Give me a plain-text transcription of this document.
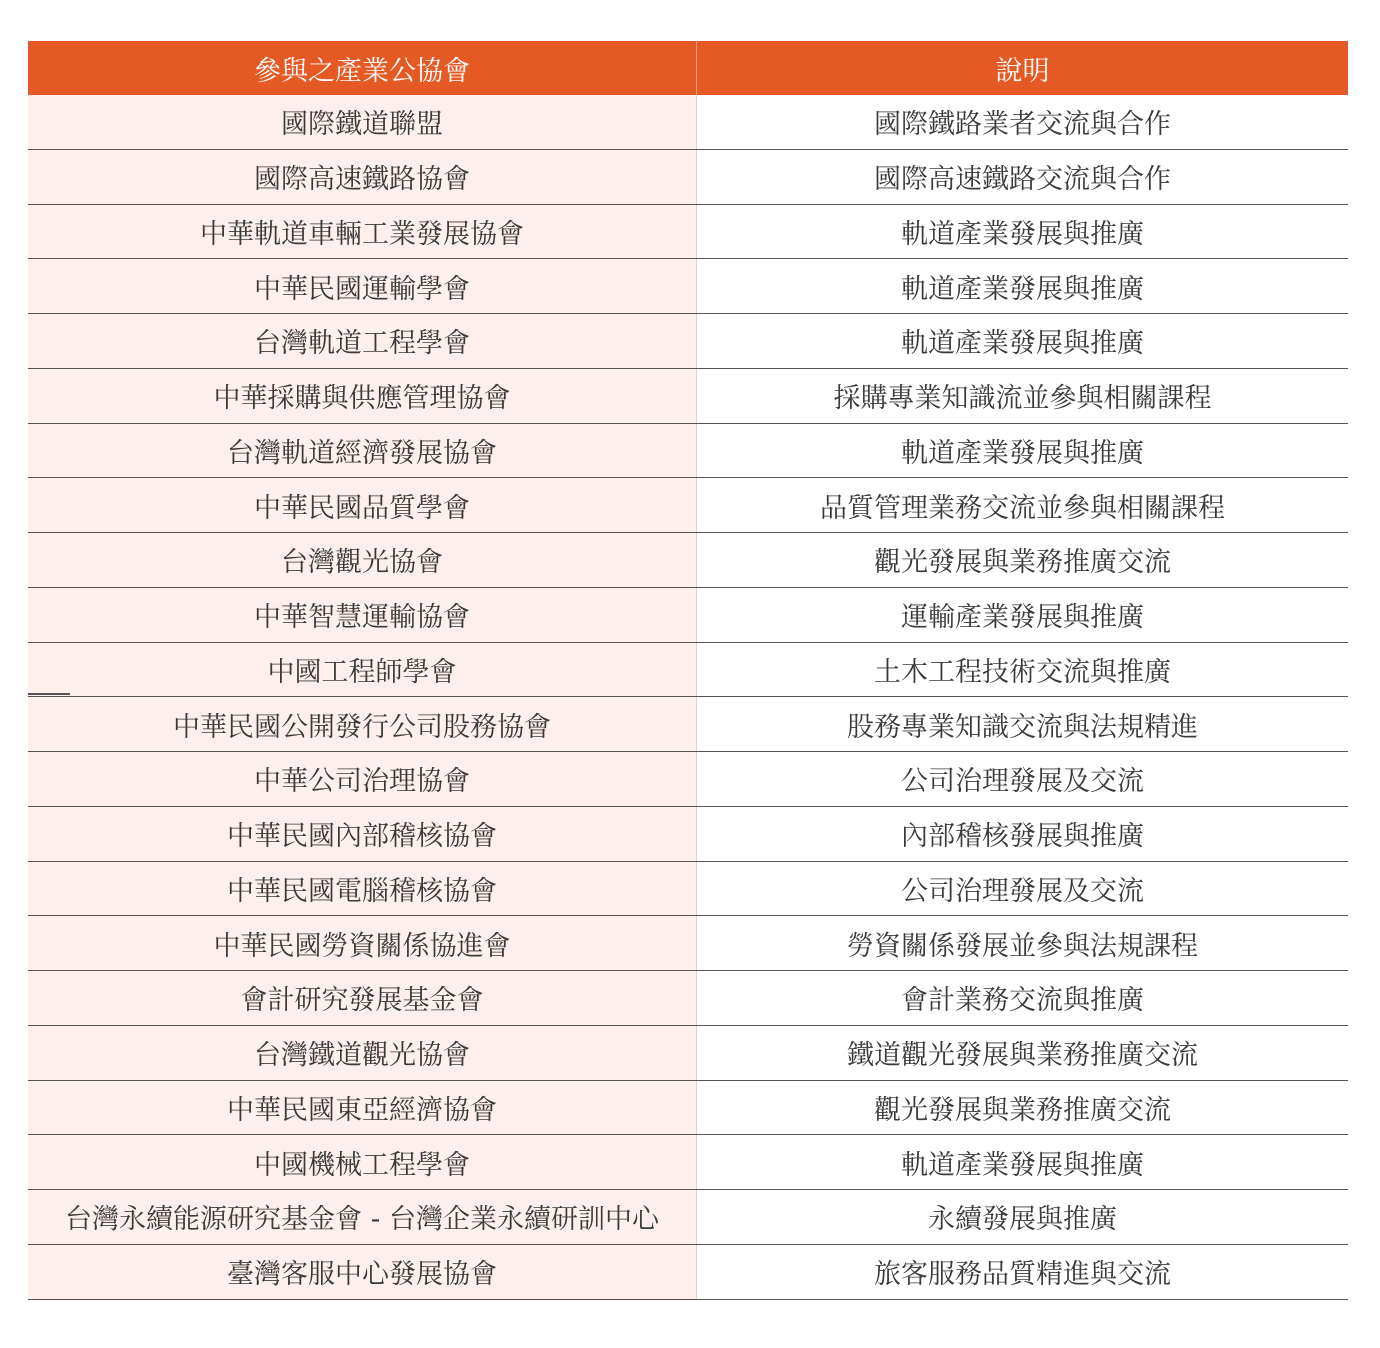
參與之產業公協會	說明
國際鐵道聯盟	國際鐵路業者交流與合作
國際高速鐵路協會	國際高速鐵路交流與合作
中華軌道車輛工業發展協會	軌道產業發展與推廣
中華民國運輸學會	軌道產業發展與推廣
台灣軌道工程學會	軌道產業發展與推廣
中華採購與供應管理協會	採購專業知識流並參與相關課程
台灣軌道經濟發展協會	軌道產業發展與推廣
中華民國品質學會	品質管理業務交流並參與相關課程
台灣觀光協會	觀光發展與業務推廣交流
中華智慧運輸協會	運輸產業發展與推廣
中國工程師學會	土木工程技術交流與推廣
中華民國公開發行公司股務協會	股務專業知識交流與法規精進
中華公司治理協會	公司治理發展及交流
中華民國內部稽核協會	內部稽核發展與推廣
中華民國電腦稽核協會	公司治理發展及交流
中華民國勞資關係協進會	勞資關係發展並參與法規課程
會計研究發展基金會	會計業務交流與推廣
台灣鐵道觀光協會	鐵道觀光發展與業務推廣交流
中華民國東亞經濟協會	觀光發展與業務推廣交流
中國機械工程學會	軌道產業發展與推廣
台灣永續能源研究基金會 - 台灣企業永續研訓中心	永續發展與推廣
臺灣客服中心發展協會	旅客服務品質精進與交流
